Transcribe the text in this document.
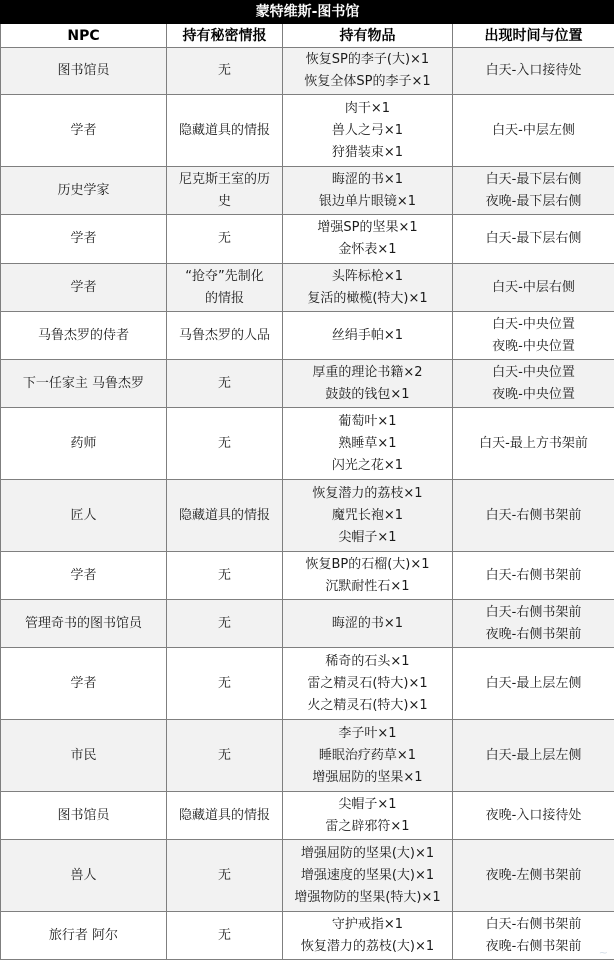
蒙特维斯-图书馆			
NPC	持有秘密情报	持有物品	出现时间与位置

图书馆员	无	恢复SP的李子(大)×1
恢复全体SP的李子×1	白天-入口接待处

学者	隐藏道具的情报	肉干×1
兽人之弓×1
狩猎装束×1	白天-中层左侧

历史学家	尼克斯王室的历
史	晦涩的书×1
银边单片眼镜×1	白天-最下层右侧
夜晚-最下层右侧

学者	无	增强SP的坚果×1
金怀表×1	白天-最下层右侧

学者	“抢夺”先制化
的情报	头阵标枪×1
复活的橄榄(特大)×1	白天-中层右侧

马鲁杰罗的侍者	马鲁杰罗的人品	丝绢手帕×1	白天-中央位置
夜晚-中央位置

下一任家主 马鲁杰罗	无	厚重的理论书籍×2
鼓鼓的钱包×1	白天-中央位置
夜晚-中央位置

药师	无	葡萄叶×1
熟睡草×1
闪光之花×1	白天-最上方书架前

匠人	隐藏道具的情报	恢复潜力的荔枝×1
魔咒长袍×1
尖帽子×1	白天-右侧书架前

学者	无	恢复BP的石榴(大)×1
沉默耐性石×1	白天-右侧书架前

管理奇书的图书馆员	无	晦涩的书×1	白天-右侧书架前
夜晚-右侧书架前

学者	无	稀奇的石头×1
雷之精灵石(特大)×1
火之精灵石(特大)×1	白天-最上层左侧

市民	无	李子叶×1
睡眠治疗药草×1
增强屈防的坚果×1	白天-最上层左侧

图书馆员	隐藏道具的情报	尖帽子×1
雷之辟邪符×1	夜晚-入口接待处

兽人	无	增强屈防的坚果(大)×1
增强速度的坚果(大)×1
增强物防的坚果(特大)×1	夜晚-左侧书架前

旅行者 阿尔	无	守护戒指×1
恢复潜力的荔枝(大)×1	白天-右侧书架前
夜晚-右侧书架前	~
